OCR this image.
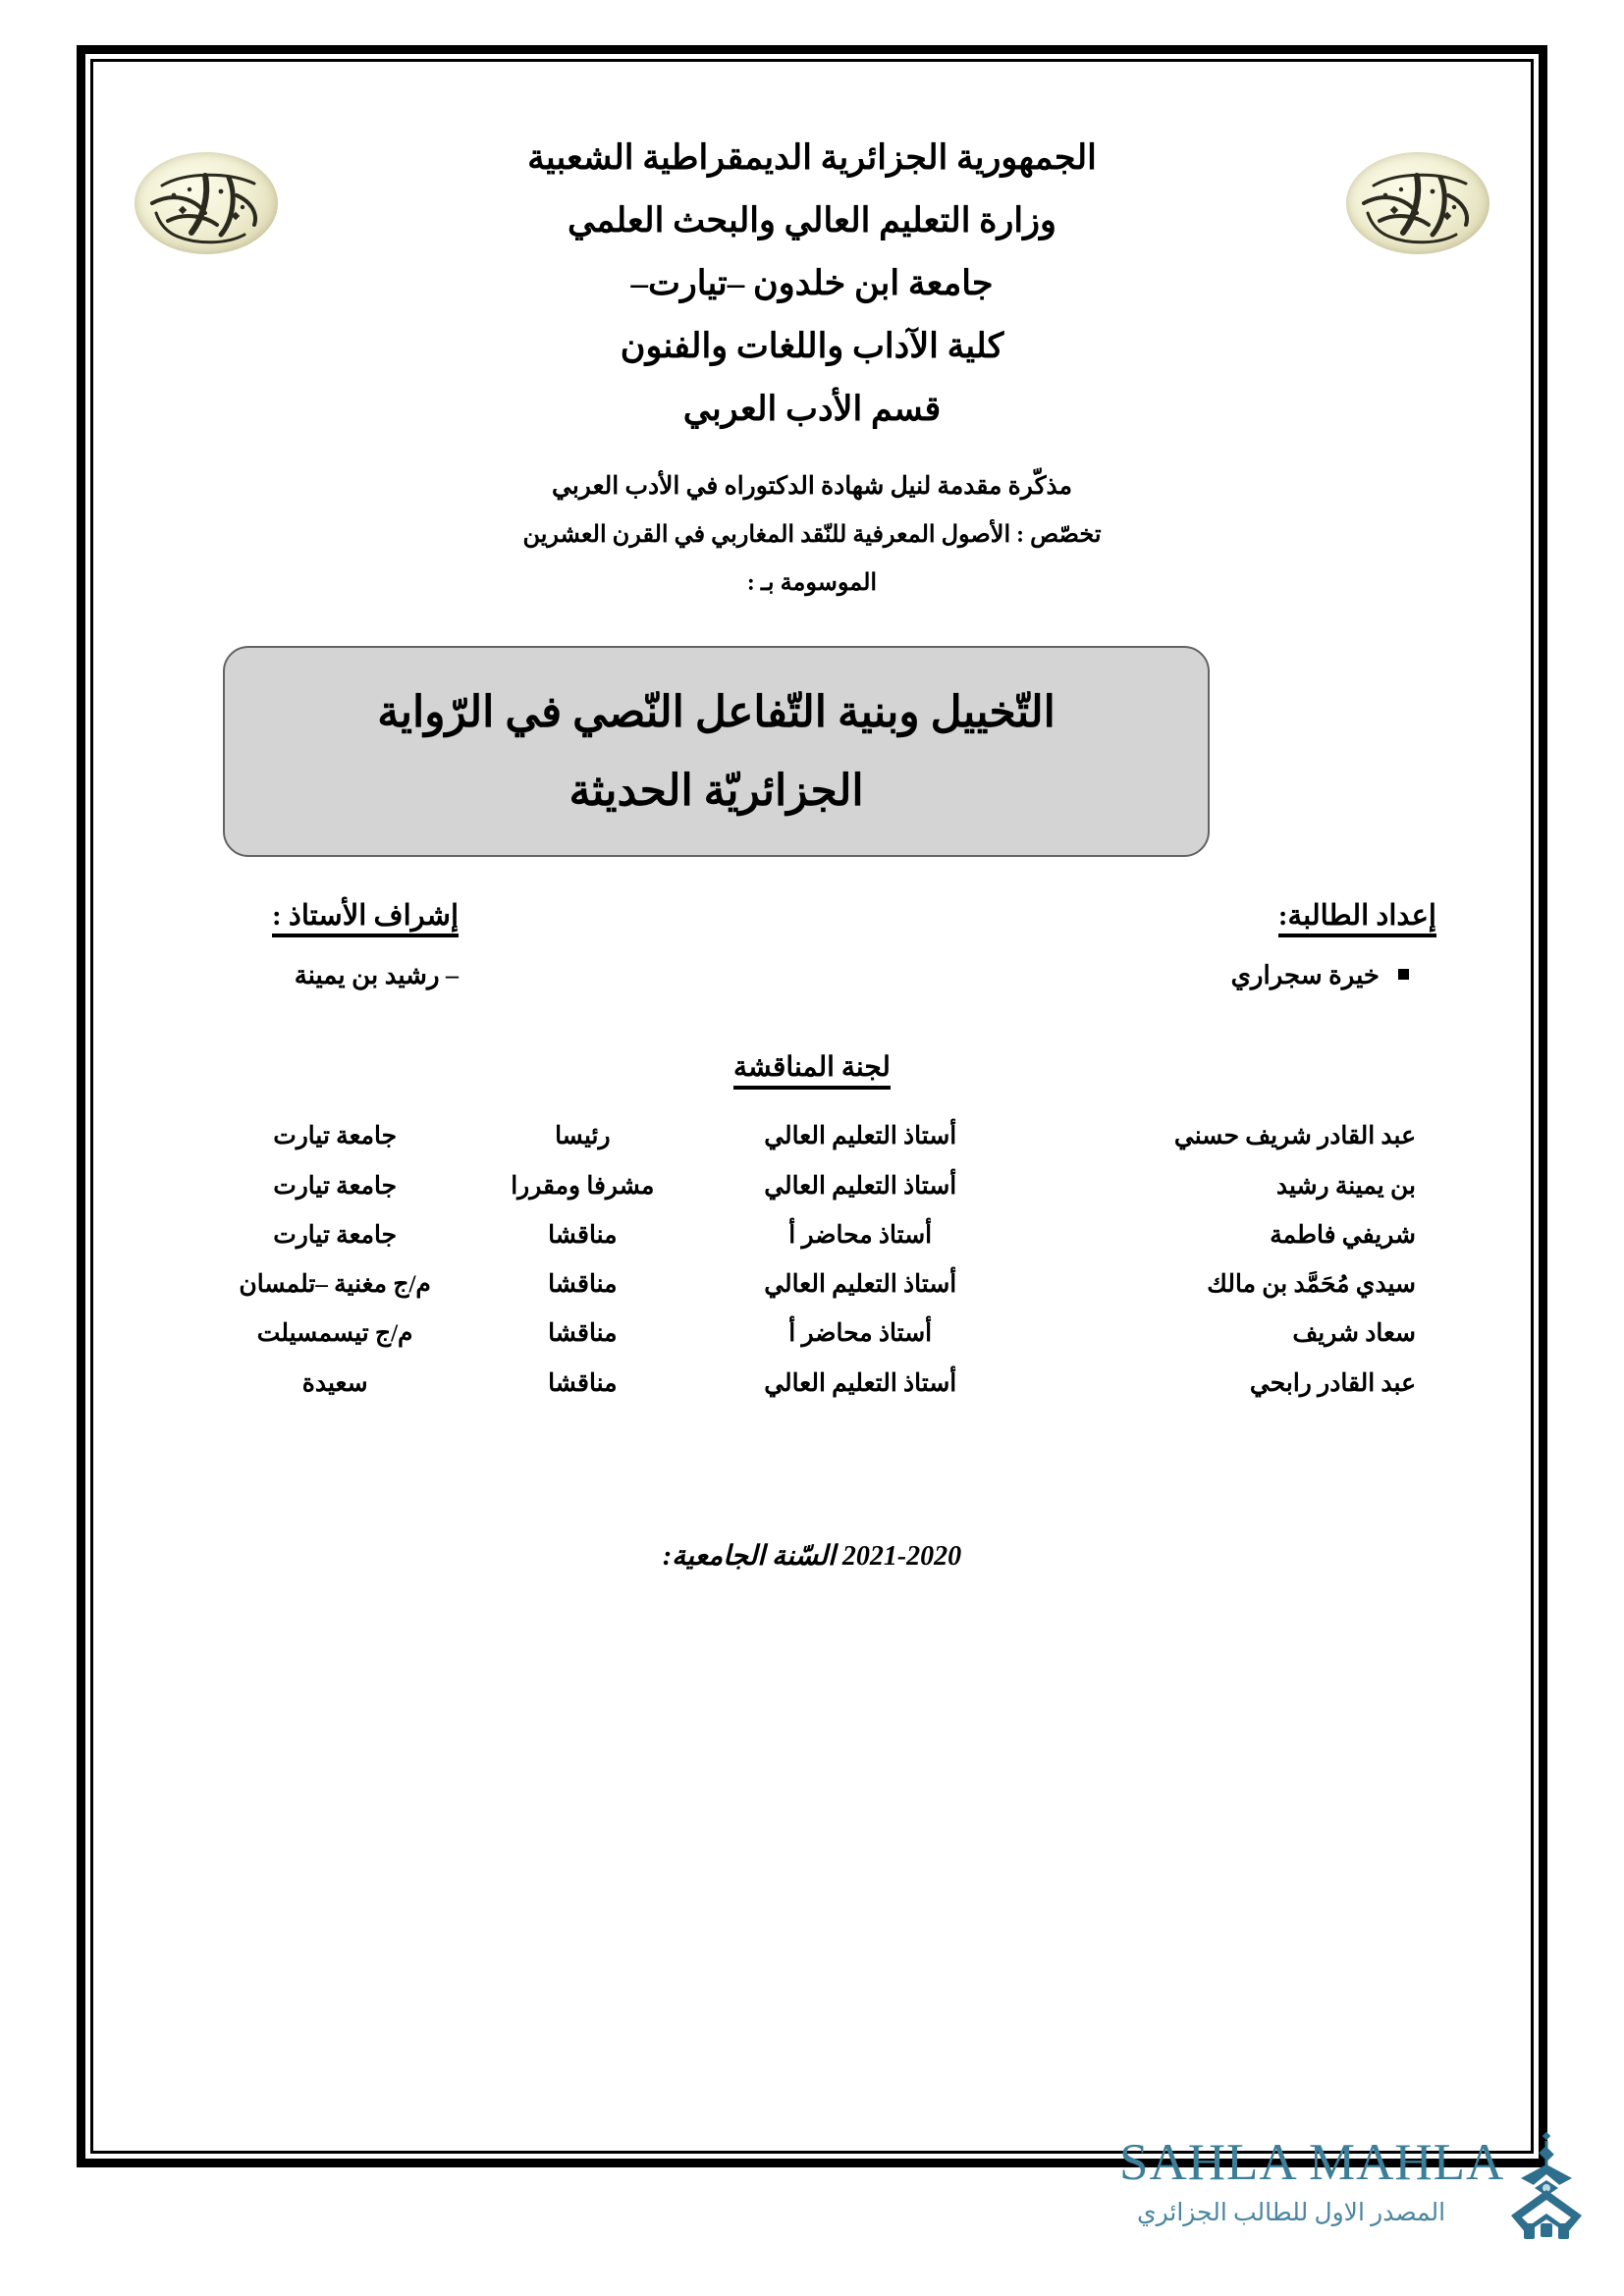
الجمهورية الجزائرية الديمقراطية الشعبية

وزارة التعليم العالي والبحث العلمي

جامعة ابن خلدون –تيارت–

كلية الآداب واللغات والفنون

قسم الأدب العربي

مذكّرة مقدمة لنيل شهادة الدكتوراه في الأدب العربي

تخصّص : الأصول المعرفية للنّقد المغاربي في القرن العشرين

الموسومة بـ :

التّخييل وبنية التّفاعل النّصي في الرّواية

الجزائريّة الحديثة

إعداد الطالبة:

خيرة سجراري

إشراف الأستاذ :

– رشيد بن يمينة

لجنة المناقشة
عبد القادر شريف حسني	أستاذ التعليم العالي	رئيسا	جامعة تيارت
بن يمينة رشيد	أستاذ التعليم العالي	مشرفا ومقررا	جامعة تيارت
شريفي فاطمة	أستاذ محاضر أ	مناقشا	جامعة تيارت
سيدي مُحَمَّد بن مالك	أستاذ التعليم العالي	مناقشا	م/ج مغنية –تلمسان
سعاد شريف	أستاذ محاضر أ	مناقشا	م/ج تيسمسيلت
عبد القادر رابحي	أستاذ التعليم العالي	مناقشا	سعيدة
2021-2020 السّنة الجامعية:
SAHLA MAHLA
المصدر الاول للطالب الجزائري
